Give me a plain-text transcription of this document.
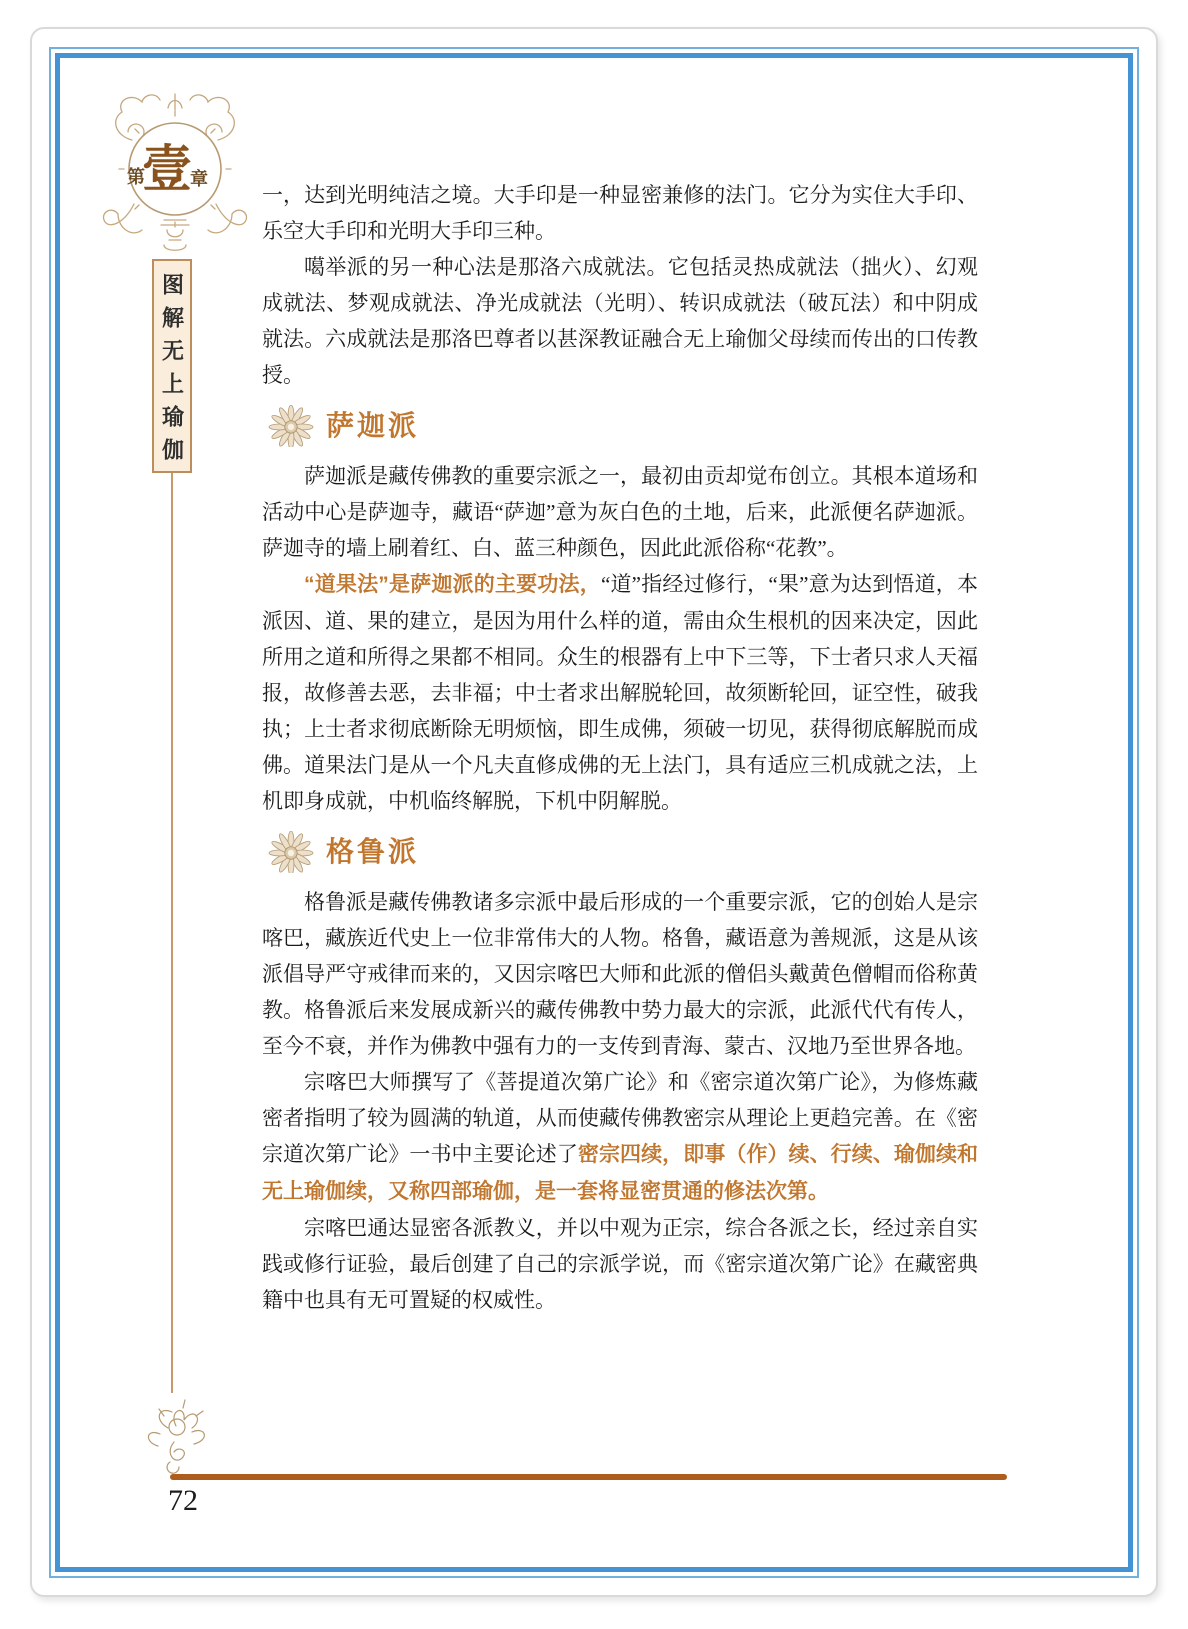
第
壹
章
图解无上瑜伽
72

一，达到光明纯洁之境。大手印是一种显密兼修的法门。它分为实住大手印、乐空大手印和光明大手印三种。

噶举派的另一种心法是那洛六成就法。它包括灵热成就法（拙火）、幻观成就法、梦观成就法、净光成就法（光明）、转识成就法（破瓦法）和中阴成就法。六成就法是那洛巴尊者以甚深教证融合无上瑜伽父母续而传出的口传教授。

萨迦派

萨迦派是藏传佛教的重要宗派之一，最初由贡却觉布创立。其根本道场和活动中心是萨迦寺，藏语“萨迦”意为灰白色的土地，后来，此派便名萨迦派。萨迦寺的墙上刷着红、白、蓝三种颜色，因此此派俗称“花教”。

“道果法”是萨迦派的主要功法，“道”指经过修行，“果”意为达到悟道，本派因、道、果的建立，是因为用什么样的道，需由众生根机的因来决定，因此所用之道和所得之果都不相同。众生的根器有上中下三等，下士者只求人天福报，故修善去恶，去非福；中士者求出解脱轮回，故须断轮回，证空性，破我执；上士者求彻底断除无明烦恼，即生成佛，须破一切见，获得彻底解脱而成佛。道果法门是从一个凡夫直修成佛的无上法门，具有适应三机成就之法，上机即身成就，中机临终解脱，下机中阴解脱。

格鲁派

格鲁派是藏传佛教诸多宗派中最后形成的一个重要宗派，它的创始人是宗喀巴，藏族近代史上一位非常伟大的人物。格鲁，藏语意为善规派，这是从该派倡导严守戒律而来的，又因宗喀巴大师和此派的僧侣头戴黄色僧帽而俗称黄教。格鲁派后来发展成新兴的藏传佛教中势力最大的宗派，此派代代有传人，至今不衰，并作为佛教中强有力的一支传到青海、蒙古、汉地乃至世界各地。

宗喀巴大师撰写了《菩提道次第广论》和《密宗道次第广论》，为修炼藏密者指明了较为圆满的轨道，从而使藏传佛教密宗从理论上更趋完善。在《密宗道次第广论》一书中主要论述了密宗四续，即事（作）续、行续、瑜伽续和无上瑜伽续，又称四部瑜伽，是一套将显密贯通的修法次第。

宗喀巴通达显密各派教义，并以中观为正宗，综合各派之长，经过亲自实践或修行证验，最后创建了自己的宗派学说，而《密宗道次第广论》在藏密典籍中也具有无可置疑的权威性。
